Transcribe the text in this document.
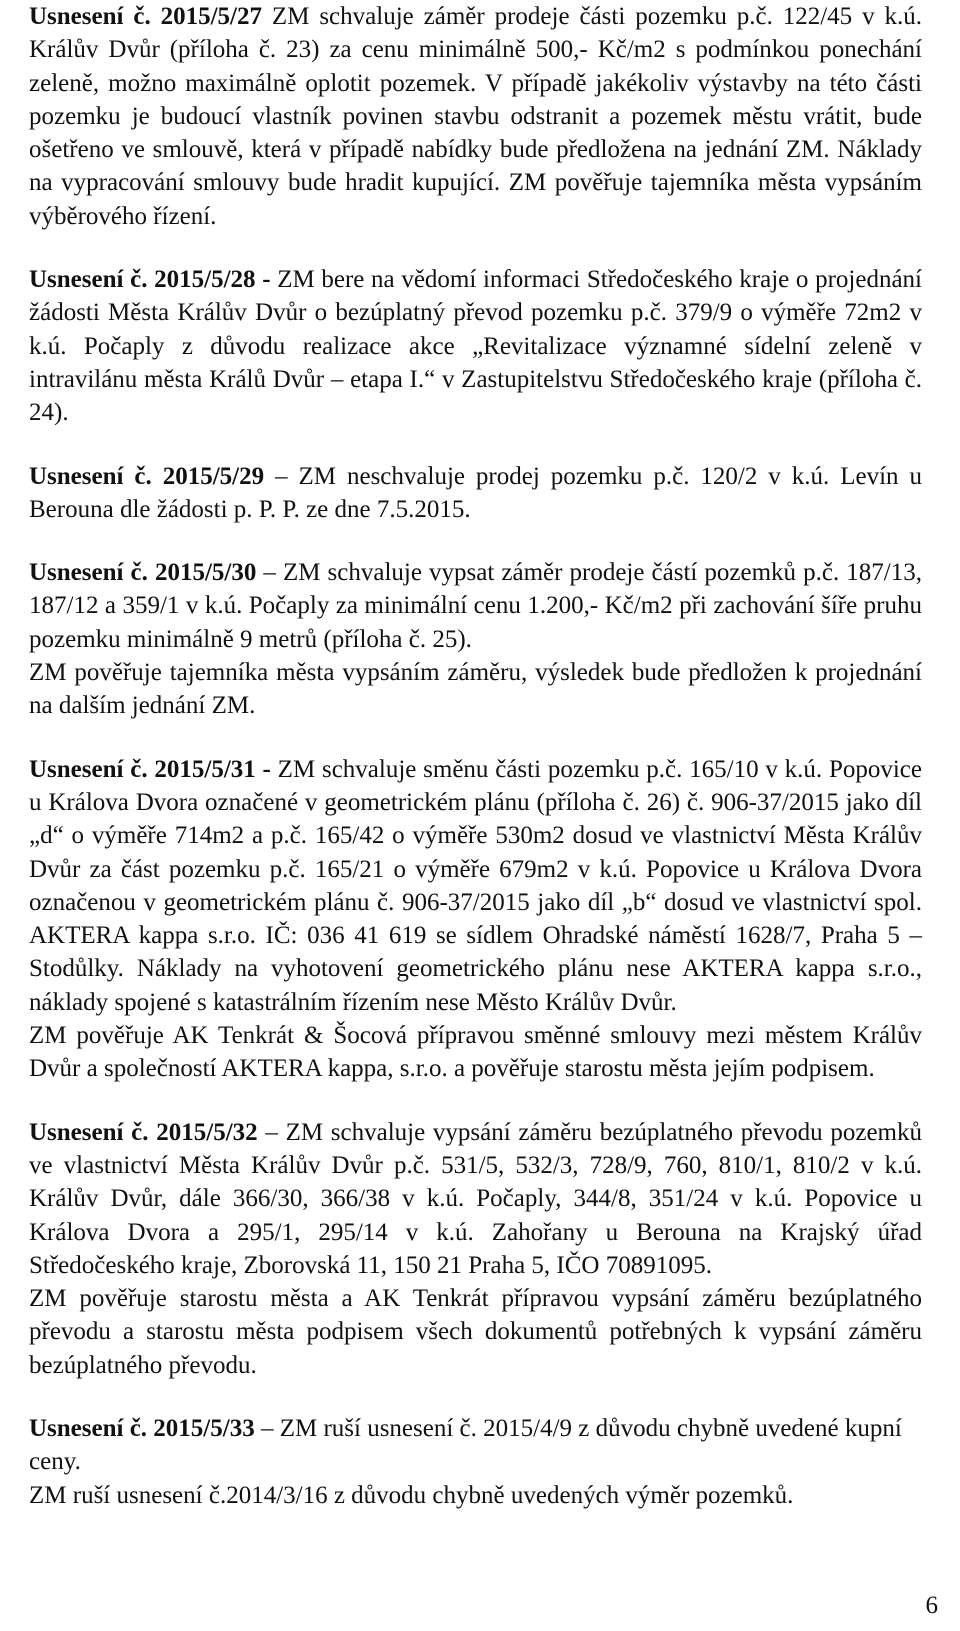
Usnesení č. 2015/5/27 ZM schvaluje záměr prodeje části pozemku p.č. 122/45 v k.ú. Králův Dvůr (příloha č. 23) za cenu minimálně 500,- Kč/m2 s podmínkou ponechání zeleně, možno maximálně oplotit pozemek. V případě jakékoliv výstavby na této části pozemku je budoucí vlastník povinen stavbu odstranit a pozemek městu vrátit, bude ošetřeno ve smlouvě, která v případě nabídky bude předložena na jednání ZM. Náklady na vypracování smlouvy bude hradit kupující. ZM pověřuje tajemníka města vypsáním výběrového řízení.

Usnesení č. 2015/5/28 - ZM bere na vědomí informaci Středočeského kraje o projednání žádosti Města Králův Dvůr o bezúplatný převod pozemku p.č. 379/9 o výměře 72m2 v k.ú. Počaply z důvodu realizace akce „Revitalizace významné sídelní zeleně v intravilánu města Králů Dvůr – etapa I.“ v Zastupitelstvu Středočeského kraje (příloha č. 24).

Usnesení č. 2015/5/29 – ZM neschvaluje prodej pozemku p.č. 120/2 v k.ú. Levín u Berouna dle žádosti p. P. P. ze dne 7.5.2015.

Usnesení č. 2015/5/30 – ZM schvaluje vypsat záměr prodeje částí pozemků p.č. 187/13, 187/12 a 359/1 v k.ú. Počaply za minimální cenu 1.200,- Kč/m2 při zachování šíře pruhu pozemku minimálně 9 metrů (příloha č. 25).

ZM pověřuje tajemníka města vypsáním záměru, výsledek bude předložen k projednání na dalším jednání ZM.

Usnesení č. 2015/5/31 - ZM schvaluje směnu části pozemku p.č. 165/10 v k.ú. Popovice u Králova Dvora označené v geometrickém plánu (příloha č. 26) č. 906-37/2015 jako díl „d“ o výměře 714m2 a p.č. 165/42 o výměře 530m2 dosud ve vlastnictví Města Králův Dvůr za část pozemku p.č. 165/21 o výměře 679m2 v k.ú. Popovice u Králova Dvora označenou v geometrickém plánu č. 906-37/2015 jako díl „b“ dosud ve vlastnictví spol. AKTERA kappa s.r.o. IČ: 036 41 619 se sídlem Ohradské náměstí 1628/7, Praha 5 – Stodůlky. Náklady na vyhotovení geometrického plánu nese AKTERA kappa s.r.o., náklady spojené s katastrálním řízením nese Město Králův Dvůr.

ZM pověřuje AK Tenkrát & Šocová přípravou směnné smlouvy mezi městem Králův Dvůr a společností AKTERA kappa, s.r.o. a pověřuje starostu města jejím podpisem.

Usnesení č. 2015/5/32 – ZM schvaluje vypsání záměru bezúplatného převodu pozemků ve vlastnictví Města Králův Dvůr p.č. 531/5, 532/3, 728/9, 760, 810/1, 810/2 v k.ú. Králův Dvůr, dále 366/30, 366/38 v k.ú. Počaply, 344/8, 351/24 v k.ú. Popovice u Králova Dvora a 295/1, 295/14 v k.ú. Zahořany u Berouna na Krajský úřad Středočeského kraje, Zborovská 11, 150 21 Praha 5, IČO 70891095.

ZM pověřuje starostu města a AK Tenkrát přípravou vypsání záměru bezúplatného převodu a starostu města podpisem všech dokumentů potřebných k vypsání záměru bezúplatného převodu.

Usnesení č. 2015/5/33 – ZM ruší usnesení č. 2015/4/9 z důvodu chybně uvedené kupní ceny.

ZM ruší usnesení č.2014/3/16 z důvodu chybně uvedených výměr pozemků.

6
